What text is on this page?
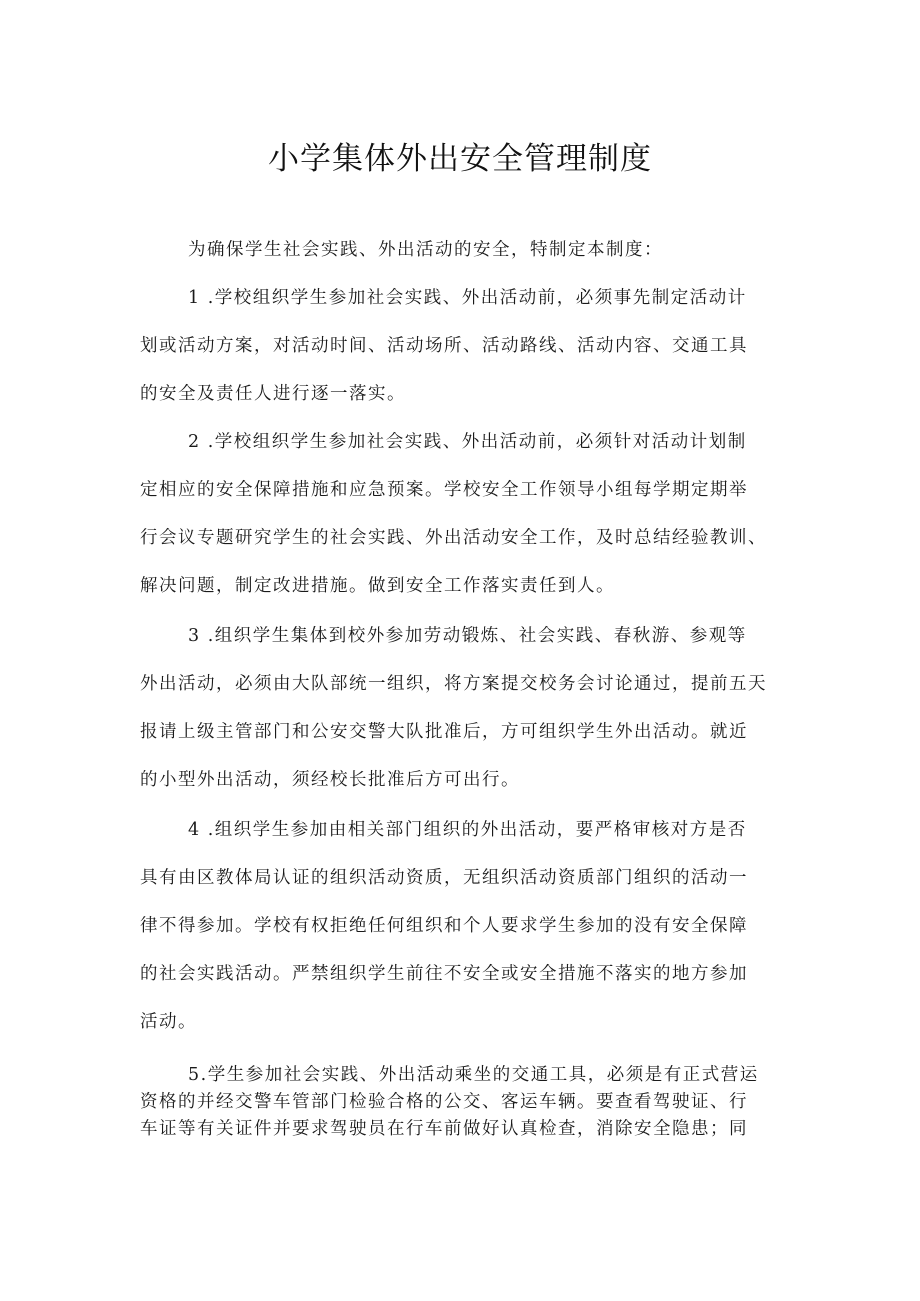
小学集体外出安全管理制度
为确保学生社会实践、外出活动的安全，特制定本制度：
1 .学校组织学生参加社会实践、外出活动前，必须事先制定活动计
划或活动方案，对活动时间、活动场所、活动路线、活动内容、交通工具
的安全及责任人进行逐一落实。
2 .学校组织学生参加社会实践、外出活动前，必须针对活动计划制
定相应的安全保障措施和应急预案。学校安全工作领导小组每学期定期举
行会议专题研究学生的社会实践、外出活动安全工作，及时总结经验教训、
解决问题，制定改进措施。做到安全工作落实责任到人。
3 .组织学生集体到校外参加劳动锻炼、社会实践、春秋游、参观等
外出活动，必须由大队部统一组织，将方案提交校务会讨论通过，提前五天
报请上级主管部门和公安交警大队批准后，方可组织学生外出活动。就近
的小型外出活动，须经校长批准后方可出行。
4 .组织学生参加由相关部门组织的外出活动，要严格审核对方是否
具有由区教体局认证的组织活动资质，无组织活动资质部门组织的活动一
律不得参加。学校有权拒绝任何组织和个人要求学生参加的没有安全保障
的社会实践活动。严禁组织学生前往不安全或安全措施不落实的地方参加
活动。
5.学生参加社会实践、外出活动乘坐的交通工具，必须是有正式营运
资格的并经交警车管部门检验合格的公交、客运车辆。要查看驾驶证、行
车证等有关证件并要求驾驶员在行车前做好认真检查，消除安全隐患；同
